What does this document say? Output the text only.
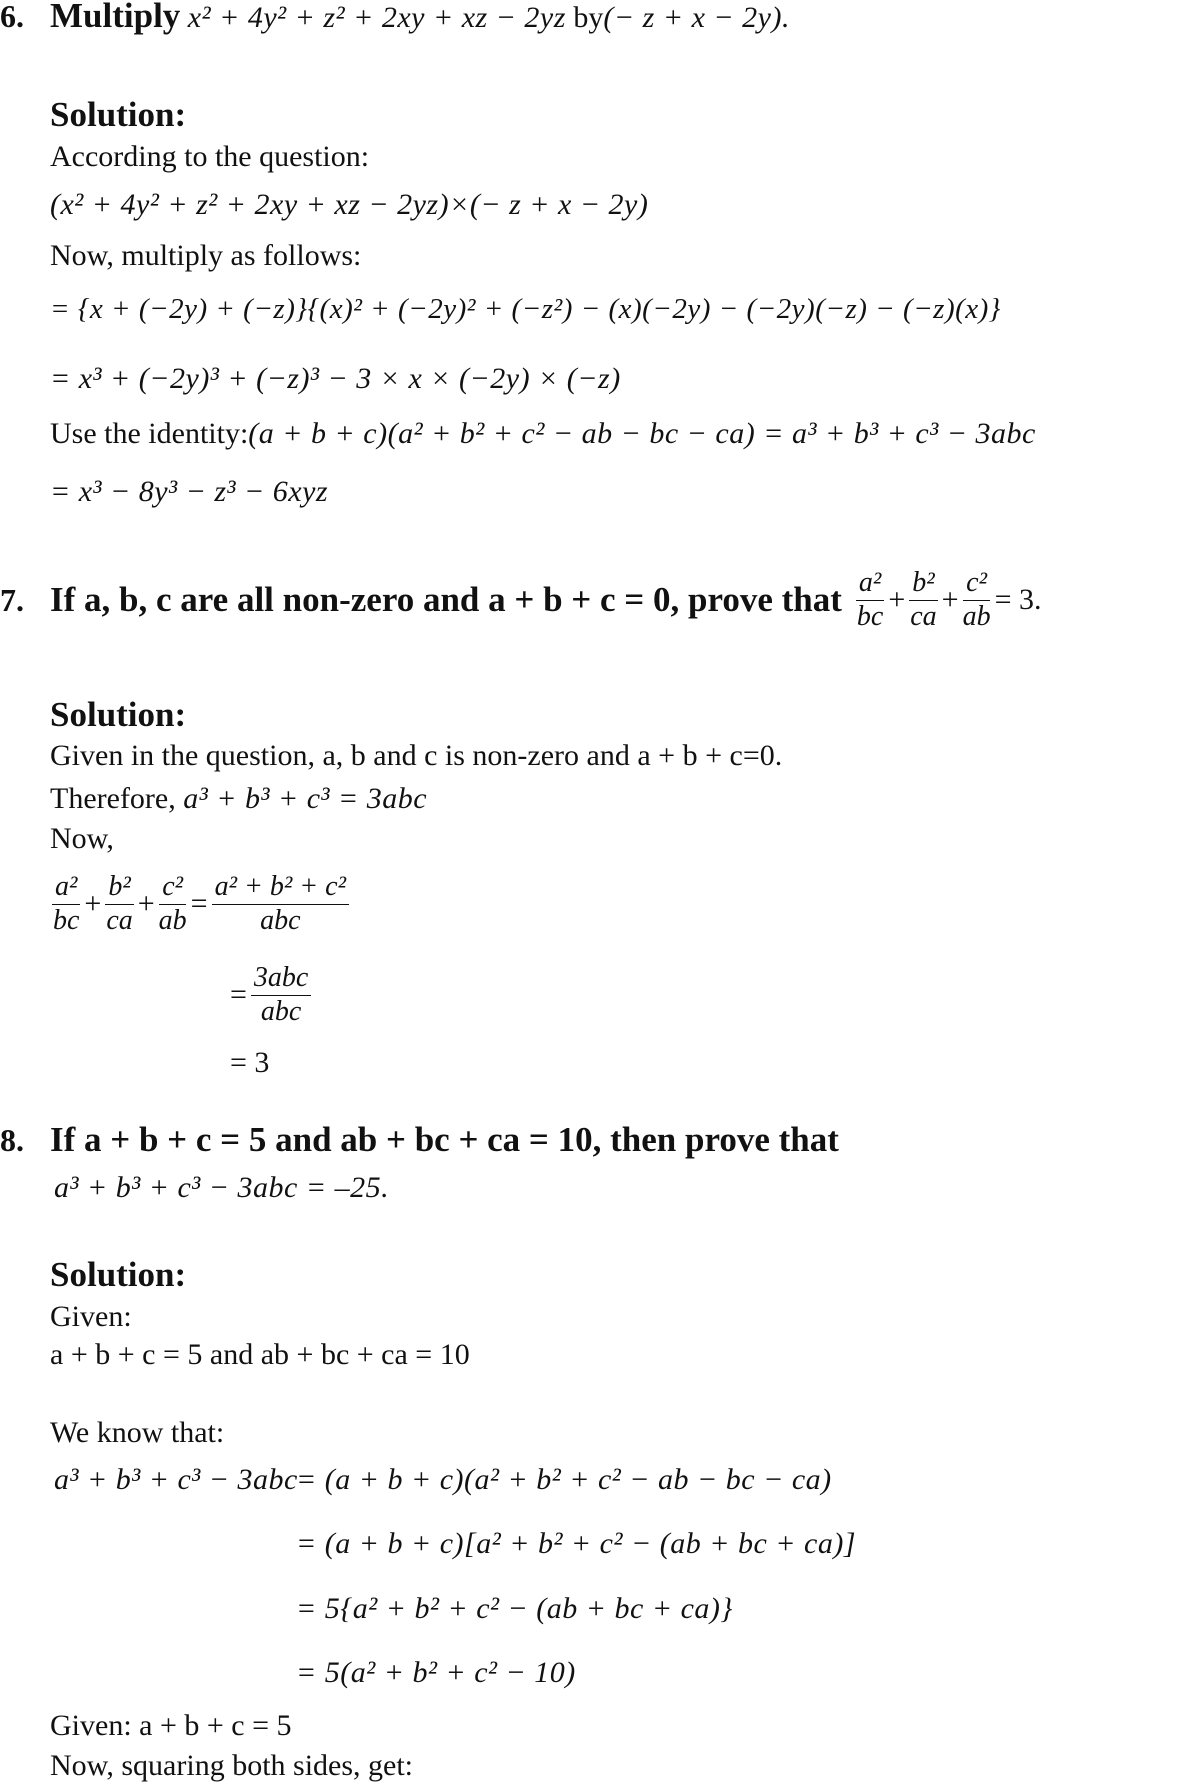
6. Multiply x² + 4y² + z² + 2xy + xz − 2yz by(− z + x − 2y).
Solution:
According to the question:
(x² + 4y² + z² + 2xy + xz − 2yz)×(− z + x − 2y)
Now, multiply as follows:
= {x + (−2y) + (−z)}{(x)² + (−2y)² + (−z²) − (x)(−2y) − (−2y)(−z) − (−z)(x)}
= x³ + (−2y)³ + (−z)³ − 3 × x × (−2y) × (−z)
Use the identity:(a + b + c)(a² + b² + c² − ab − bc − ca) = a³ + b³ + c³ − 3abc
= x³ − 8y³ − z³ − 6xyz
7. If a, b, c are all non-zero and a + b + c = 0, prove that $\frac{\text{a²}}{bc} + \frac{\text{b²}}{ca} + \frac{\text{c²}}{ab} = 3$.
Solution:
Given in the question, a, b and c is non-zero and a + b + c=0.
Therefore, a³ + b³ + c³ = 3abc
Now,
$\frac{\text{a²}}{bc} + \frac{\text{b²}}{ca} + \frac{\text{c²}}{ab} = \frac{\text{a² + b² + c²}}{\text{abc}}$
= $\frac{\text{3abc}}{\text{abc}}$
= 3
8. If a + b + c = 5 and ab + bc + ca = 10, then prove that
a³ + b³ + c³ − 3abc = –25.
Solution:
Given:
a + b + c = 5 and ab + bc + ca = 10
We know that:
a³ + b³ + c³ − 3abc
= (a + b + c)(a² + b² + c² − ab − bc − ca)
= (a + b + c)[a² + b² + c² − (ab + bc + ca)]
= 5{a² + b² + c² − (ab + bc + ca)}
= 5(a² + b² + c² − 10)
Given: a + b + c = 5
Now, squaring both sides, get:
